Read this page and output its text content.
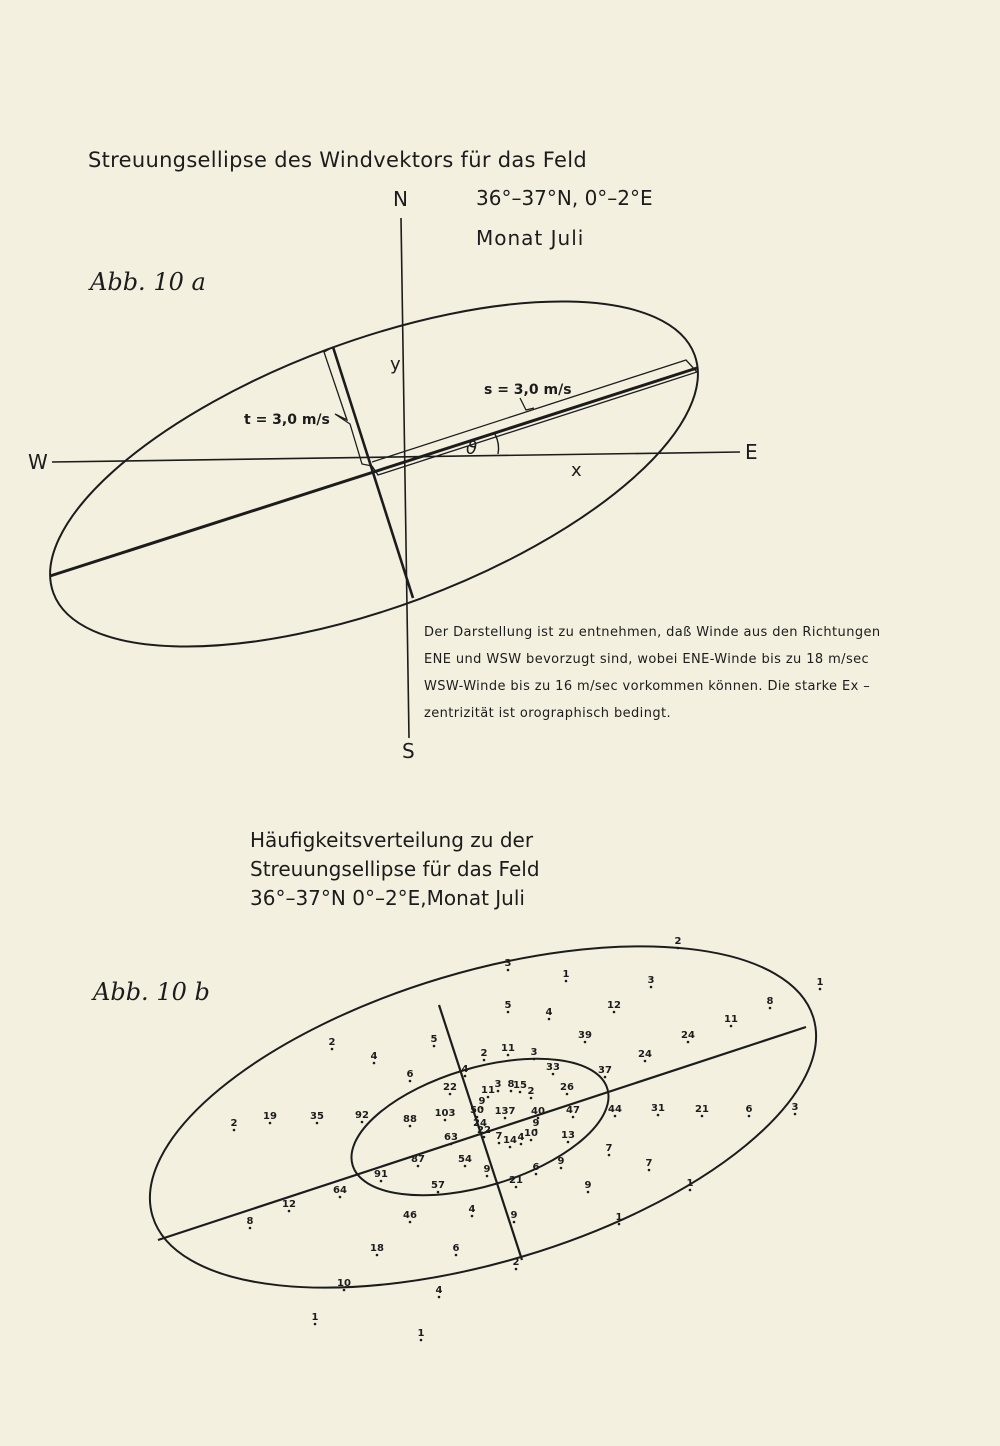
Streuungsellipse des Windvektors für das Feld
36°–37°N, 0°–2°E
Monat Juli
Abb. 10 a
N
S
W	E
x
y
t = 3,0 m/s
s = 3,0 m/s
ϑ
Der Darstellung ist zu entnehmen, daß Winde aus den Richtungen
ENE und WSW bevorzugt sind, wobei ENE-Winde bis zu 18 m/sec
WSW-Winde bis zu 16 m/sec vorkommen können. Die starke Ex –
zentrizität ist orographisch bedingt.
Häufigkeitsverteilung zu der
Streuungsellipse für das Feld
36°–37°N 0°–2°E,Monat Juli
Abb. 10 b
2
3
1
1
3
12
11
8
5
4
39	24
5
2
2 11 3	24
4
6
33	37
4
3 8
2	26
22 11 15
9
2
19	35	92	88
103	137 40 47	44	31	21	6	3
50
24	9
63
22
7 14 4 10 13
87	54
7
91	9	6
9	7
57	21	9	1
64
4
12
1
8
46	9
18	6
2
10
4
1
1
